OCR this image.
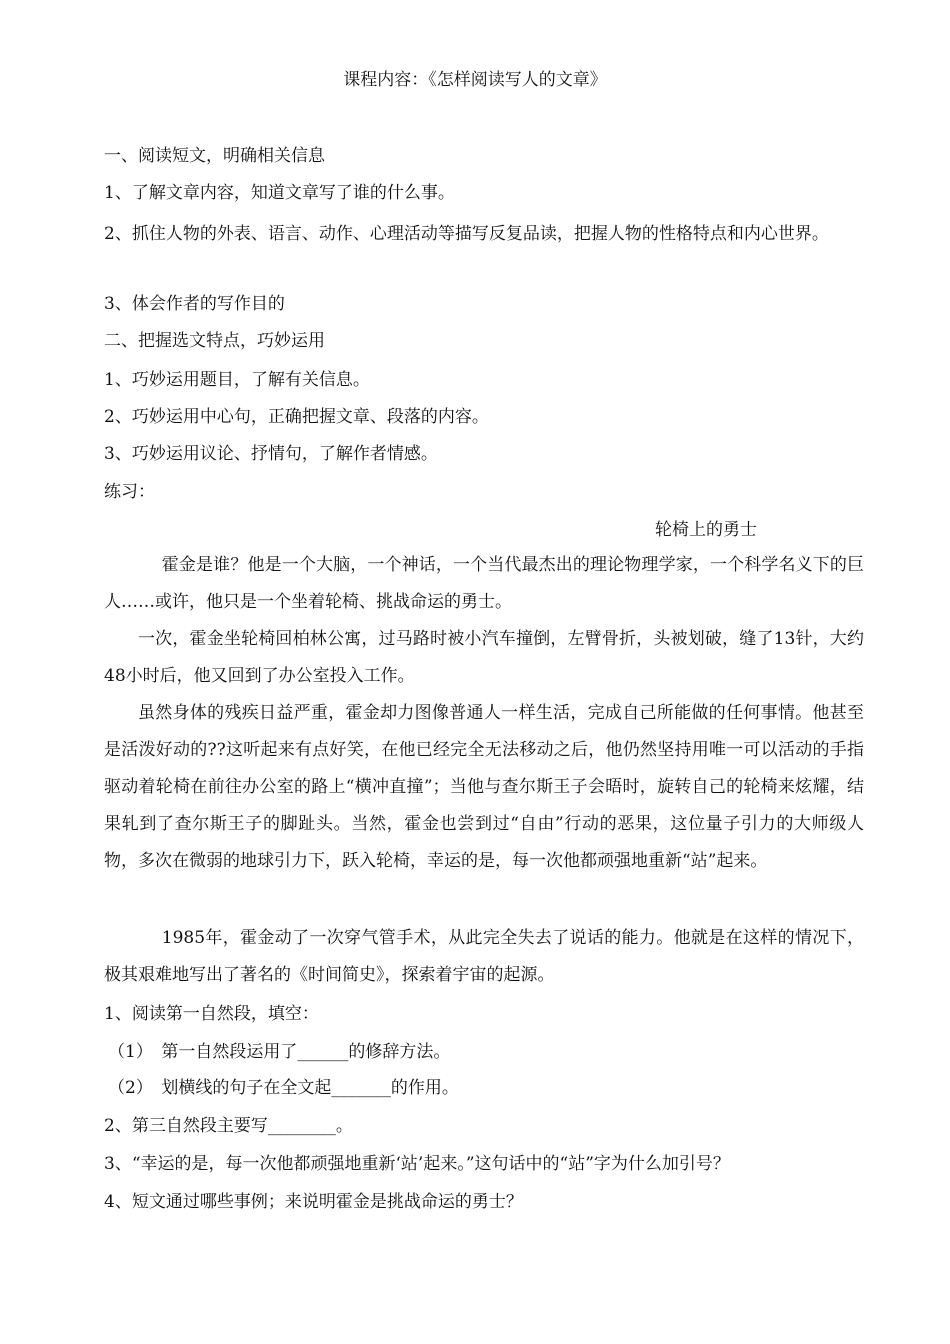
课程内容：《怎样阅读写人的文章》
一、阅读短文，明确相关信息
1、了解文章内容，知道文章写了谁的什么事。
2、抓住人物的外表、语言、动作、心理活动等描写反复品读，把握人物的性格特点和内心世界。
3、体会作者的写作目的
二、把握选文特点，巧妙运用
1、巧妙运用题目，了解有关信息。
2、巧妙运用中心句，正确把握文章、段落的内容。
3、巧妙运用议论、抒情句，了解作者情感。
练习：
轮椅上的勇士
霍金是谁？他是一个大脑，一个神话，一个当代最杰出的理论物理学家，一个科学名义下的巨人……或许，他只是一个坐着轮椅、挑战命运的勇士。
一次，霍金坐轮椅回柏林公寓，过马路时被小汽车撞倒，左臂骨折，头被划破，缝了13针，大约48小时后，他又回到了办公室投入工作。
虽然身体的残疾日益严重，霍金却力图像普通人一样生活，完成自己所能做的任何事情。他甚至是活泼好动的??这听起来有点好笑，在他已经完全无法移动之后，他仍然坚持用唯一可以活动的手指驱动着轮椅在前往办公室的路上“横冲直撞”；当他与查尔斯王子会晤时，旋转自己的轮椅来炫耀，结果轧到了查尔斯王子的脚趾头。当然，霍金也尝到过“自由”行动的恶果，这位量子引力的大师级人物，多次在微弱的地球引力下，跃入轮椅，幸运的是，每一次他都顽强地重新“站”起来。
1985年，霍金动了一次穿气管手术，从此完全失去了说话的能力。他就是在这样的情况下，极其艰难地写出了著名的《时间简史》，探索着宇宙的起源。
1、阅读第一自然段，填空：
（1）　第一自然段运用了______的修辞方法。
（2）　划横线的句子在全文起_______的作用。
2、第三自然段主要写________。
3、“幸运的是，每一次他都顽强地重新‘站’起来。”这句话中的“站”字为什么加引号？
4、短文通过哪些事例；来说明霍金是挑战命运的勇士？
